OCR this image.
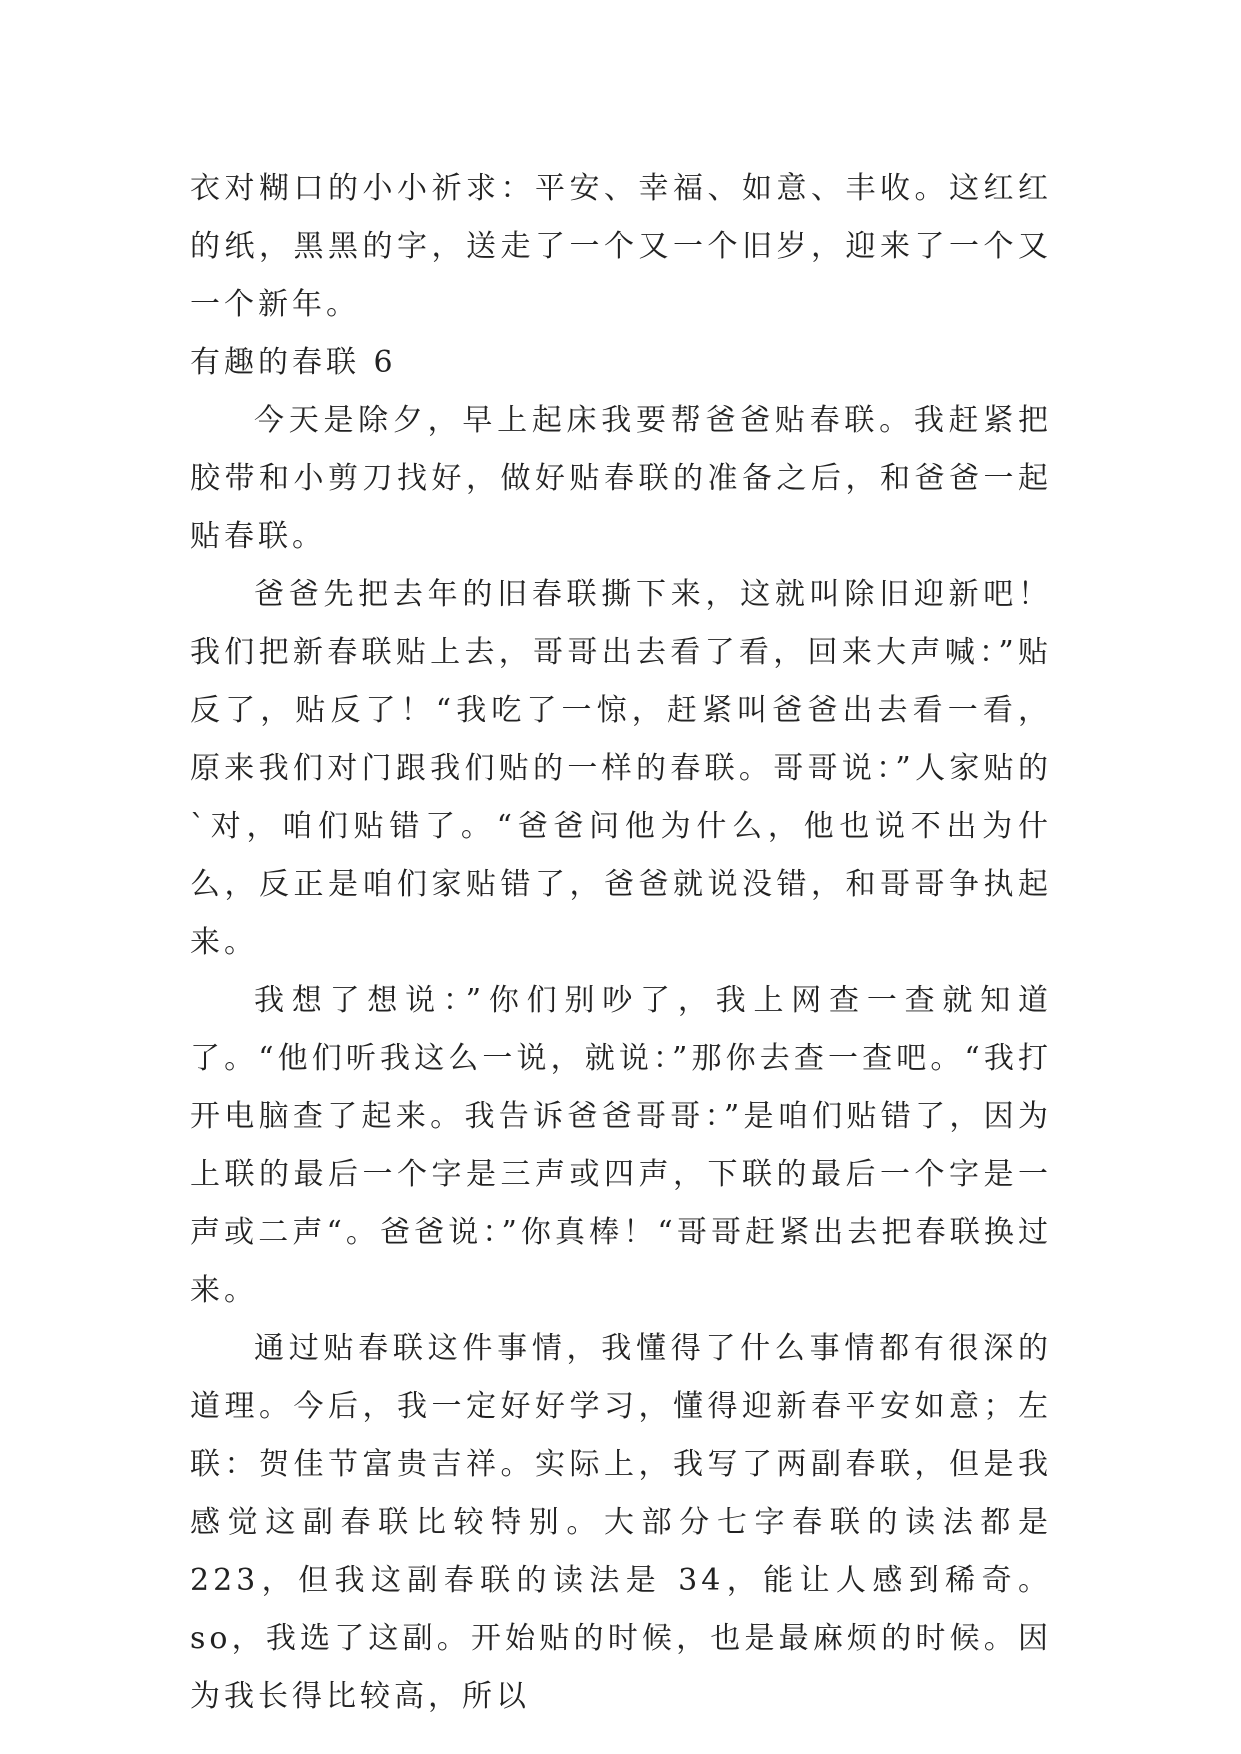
衣对糊口的小小祈求：平安、幸福、如意、丰收。这红红的纸，黑黑的字，送走了一个又一个旧岁，迎来了一个又一个新年。

有趣的春联 6

今天是除夕，早上起床我要帮爸爸贴春联。我赶紧把胶带和小剪刀找好，做好贴春联的准备之后，和爸爸一起贴春联。

爸爸先把去年的旧春联撕下来，这就叫除旧迎新吧！我们把新春联贴上去，哥哥出去看了看，回来大声喊：”贴反了，贴反了！“我吃了一惊，赶紧叫爸爸出去看一看，原来我们对门跟我们贴的一样的春联。哥哥说：”人家贴的`对，咱们贴错了。“爸爸问他为什么，他也说不出为什么，反正是咱们家贴错了，爸爸就说没错，和哥哥争执起来。

我想了想说：”你们别吵了，我上网查一查就知道了。“他们听我这么一说，就说：”那你去查一查吧。“我打开电脑查了起来。我告诉爸爸哥哥：”是咱们贴错了，因为上联的最后一个字是三声或四声，下联的最后一个字是一声或二声“。爸爸说：”你真棒！“哥哥赶紧出去把春联换过来。

通过贴春联这件事情，我懂得了什么事情都有很深的道理。今后，我一定好好学习，懂得迎新春平安如意；左联：贺佳节富贵吉祥。实际上，我写了两副春联，但是我感觉这副春联比较特别。大部分七字春联的读法都是 223，但我这副春联的读法是 34，能让人感到稀奇。so，我选了这副。开始贴的时候，也是最麻烦的时候。因为我长得比较高，所以
